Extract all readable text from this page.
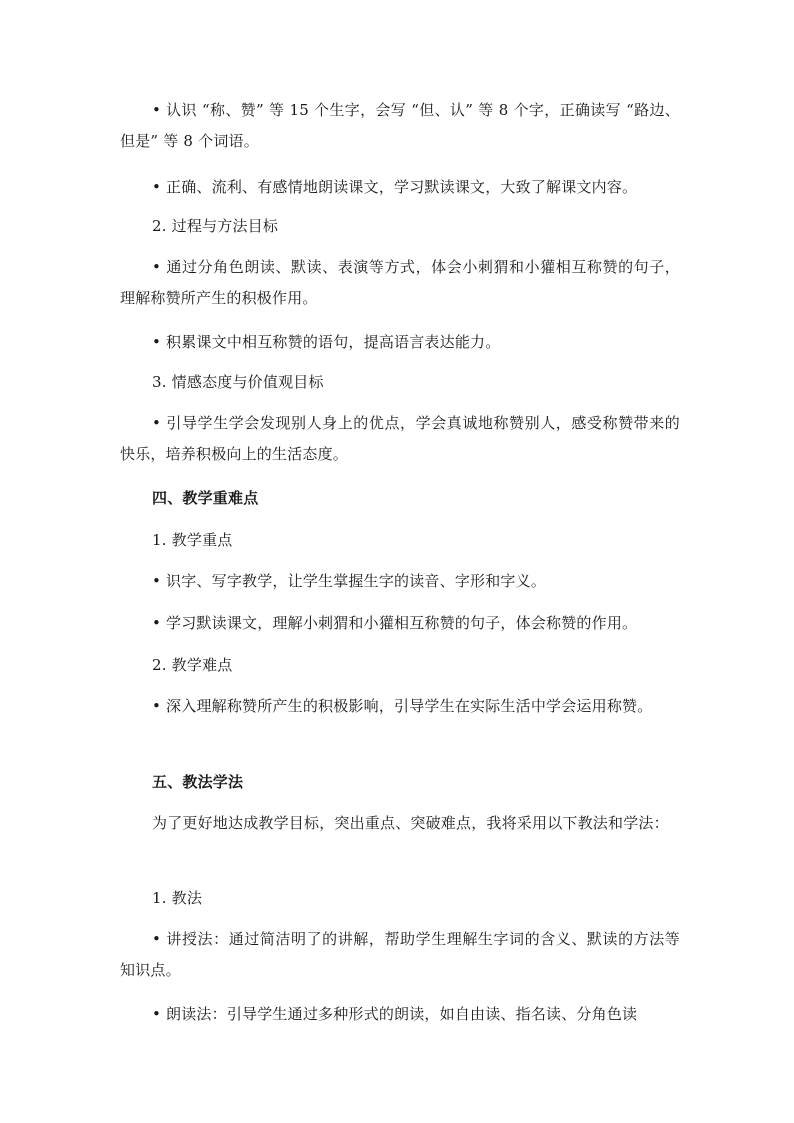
• 认识 “称、赞” 等 15 个生字，会写 “但、认” 等 8 个字，正确读写 “路边、但是” 等 8 个词语。

• 正确、流利、有感情地朗读课文，学习默读课文，大致了解课文内容。

2. 过程与方法目标

• 通过分角色朗读、默读、表演等方式，体会小刺猬和小獾相互称赞的句子，理解称赞所产生的积极作用。

• 积累课文中相互称赞的语句，提高语言表达能力。

3. 情感态度与价值观目标

• 引导学生学会发现别人身上的优点，学会真诚地称赞别人，感受称赞带来的快乐，培养积极向上的生活态度。

四、教学重难点

1. 教学重点

• 识字、写字教学，让学生掌握生字的读音、字形和字义。

• 学习默读课文，理解小刺猬和小獾相互称赞的句子，体会称赞的作用。

2. 教学难点

• 深入理解称赞所产生的积极影响，引导学生在实际生活中学会运用称赞。

五、教法学法

为了更好地达成教学目标，突出重点、突破难点，我将采用以下教法和学法：

1. 教法

• 讲授法：通过简洁明了的讲解，帮助学生理解生字词的含义、默读的方法等知识点。

• 朗读法：引导学生通过多种形式的朗读，如自由读、指名读、分角色读
